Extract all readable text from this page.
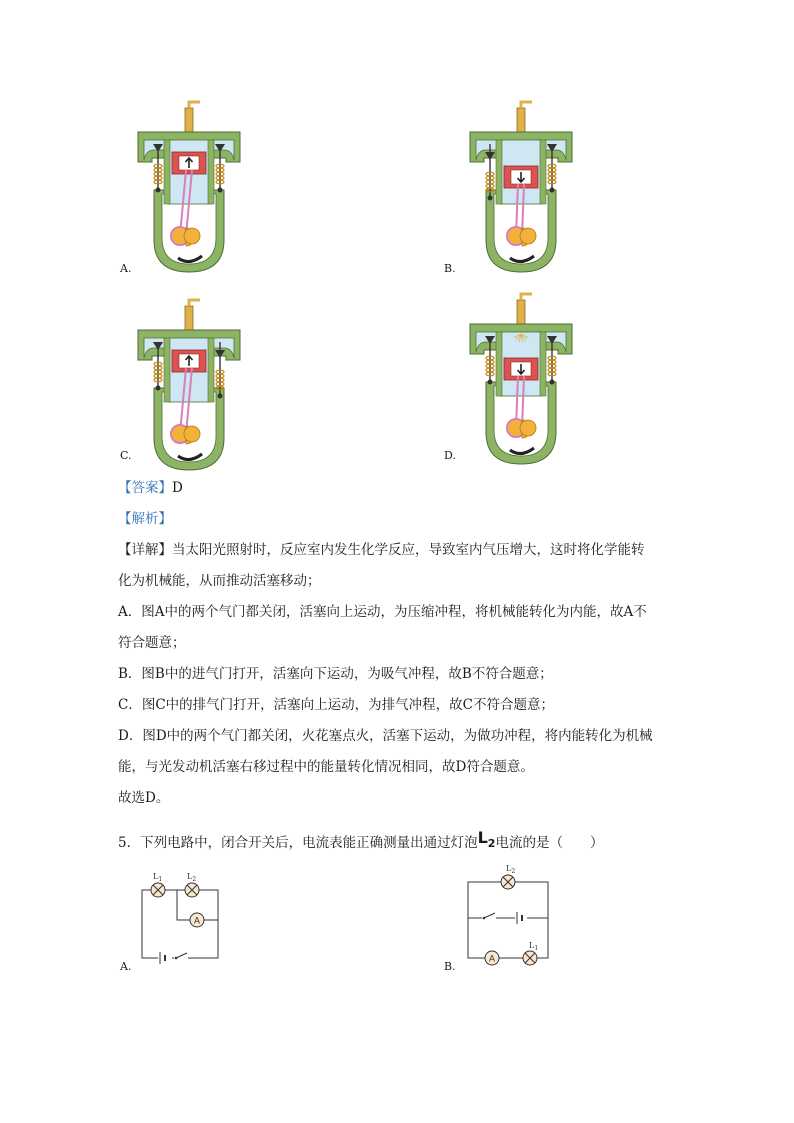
A.	B.
C.	D.
【答案】D
【解析】
【详解】当太阳光照射时，反应室内发生化学反应，导致室内气压增大，这时将化学能转
化为机械能，从而推动活塞移动；
A．图A中的两个气门都关闭，活塞向上运动，为压缩冲程，将机械能转化为内能，故A不
符合题意；
B．图B中的进气门打开，活塞向下运动，为吸气冲程，故B不符合题意；
C．图C中的排气门打开，活塞向上运动，为排气冲程，故C不符合题意；
D．图D中的两个气门都关闭，火花塞点火，活塞下运动，为做功冲程，将内能转化为机械
能，与光发动机活塞右移过程中的能量转化情况相同，故D符合题意。
故选D。
5．下列电路中，闭合开关后，电流表能正确测量出通过灯泡$L_2$电流的是（　　）
A
$L_1$	$L_2$
A.
$L_2$
A
$L_1$
B.
